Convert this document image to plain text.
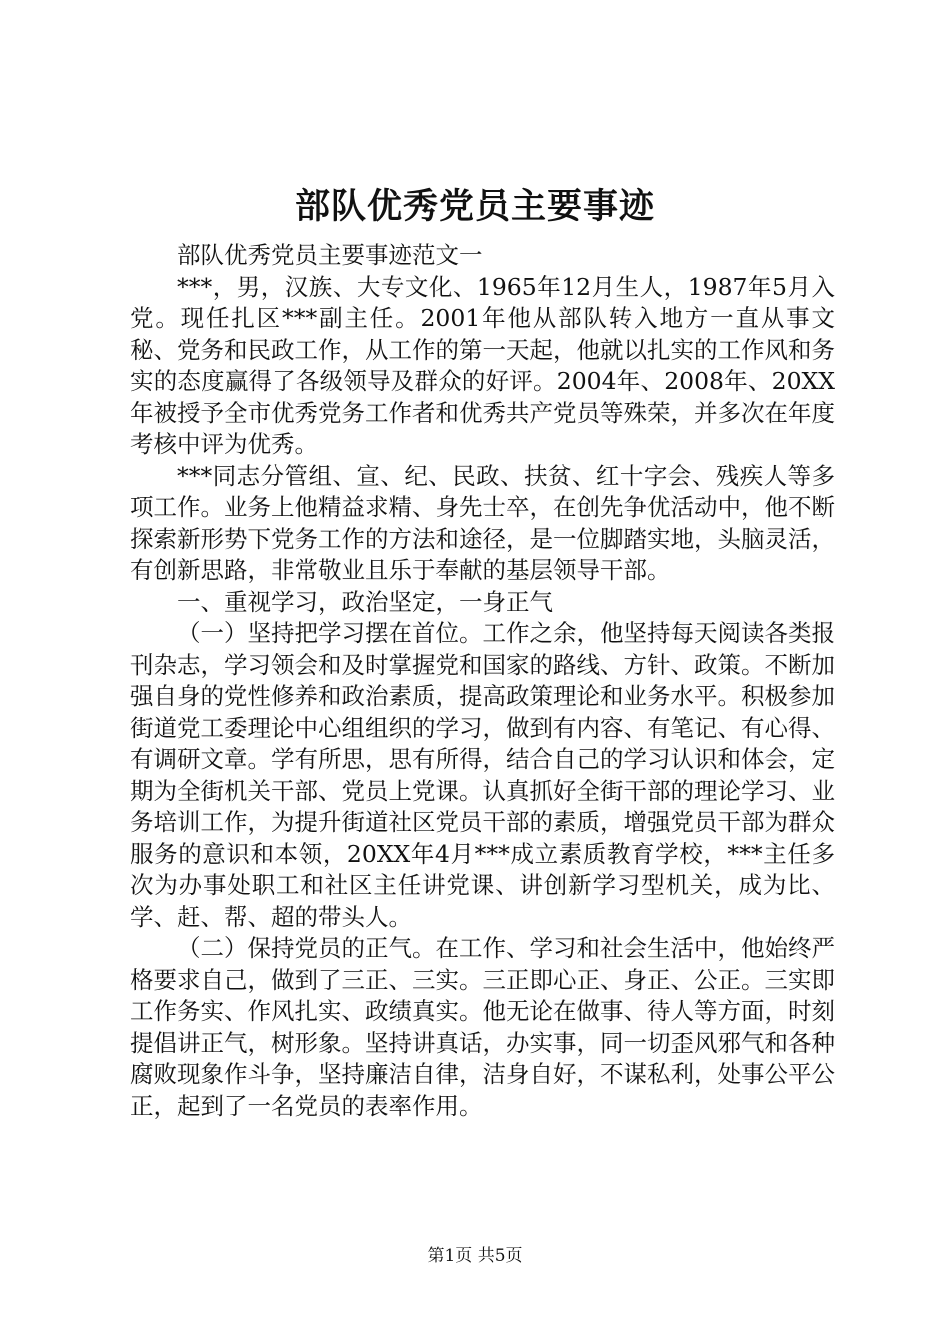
部队优秀党员主要事迹

部队优秀党员主要事迹范文一

***，男，汉族、大专文化、1965年12月生人，1987年5月入党。现任扎区***副主任。2001年他从部队转入地方一直从事文秘、党务和民政工作，从工作的第一天起，他就以扎实的工作风和务实的态度赢得了各级领导及群众的好评。2004年、2008年、20XX年被授予全市优秀党务工作者和优秀共产党员等殊荣，并多次在年度考核中评为优秀。

***同志分管组、宣、纪、民政、扶贫、红十字会、残疾人等多项工作。业务上他精益求精、身先士卒，在创先争优活动中，他不断探索新形势下党务工作的方法和途径，是一位脚踏实地，头脑灵活，有创新思路，非常敬业且乐于奉献的基层领导干部。

一、重视学习，政治坚定，一身正气

（一）坚持把学习摆在首位。工作之余，他坚持每天阅读各类报刊杂志，学习领会和及时掌握党和国家的路线、方针、政策。不断加强自身的党性修养和政治素质，提高政策理论和业务水平。积极参加街道党工委理论中心组组织的学习，做到有内容、有笔记、有心得、有调研文章。学有所思，思有所得，结合自己的学习认识和体会，定期为全街机关干部、党员上党课。认真抓好全街干部的理论学习、业务培训工作，为提升街道社区党员干部的素质，增强党员干部为群众服务的意识和本领，20XX年4月***成立素质教育学校，***主任多次为办事处职工和社区主任讲党课、讲创新学习型机关，成为比、学、赶、帮、超的带头人。

（二）保持党员的正气。在工作、学习和社会生活中，他始终严格要求自己，做到了三正、三实。三正即心正、身正、公正。三实即工作务实、作风扎实、政绩真实。他无论在做事、待人等方面，时刻提倡讲正气，树形象。坚持讲真话，办实事，同一切歪风邪气和各种腐败现象作斗争，坚持廉洁自律，洁身自好，不谋私利，处事公平公正，起到了一名党员的表率作用。

第1页 共5页
